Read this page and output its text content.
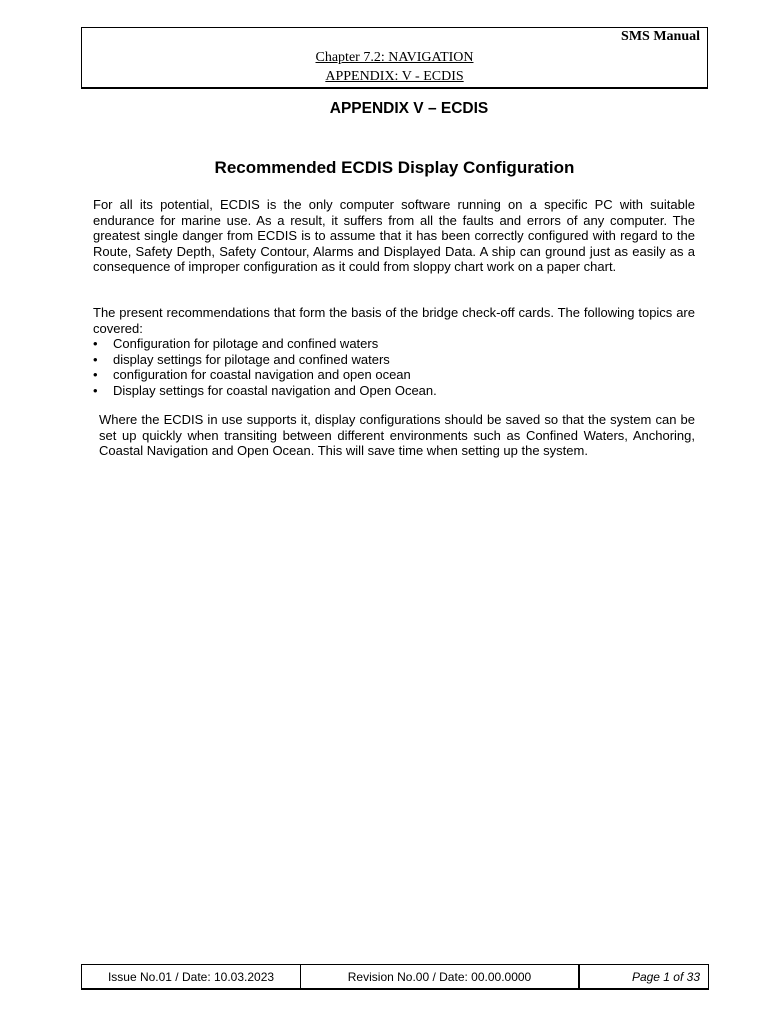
SMS Manual
Chapter 7.2: NAVIGATION
APPENDIX: V - ECDIS
APPENDIX V – ECDIS
Recommended ECDIS Display Configuration
For all its potential, ECDIS is the only computer software running on a specific PC with suitable endurance for marine use. As a result, it suffers from all the faults and errors of any computer. The greatest single danger from ECDIS is to assume that it has been correctly configured with regard to the Route, Safety Depth, Safety Contour, Alarms and Displayed Data. A ship can ground just as easily as a consequence of improper configuration as it could from sloppy chart work on a paper chart.
The present recommendations that form the basis of the bridge check-off cards. The following topics are covered:
• Configuration for pilotage and confined waters
• display settings for pilotage and confined waters
• configuration for coastal navigation and open ocean
• Display settings for coastal navigation and Open Ocean.
Where the ECDIS in use supports it, display configurations should be saved so that the system can be set up quickly when transiting between different environments such as Confined Waters, Anchoring, Coastal Navigation and Open Ocean. This will save time when setting up the system.
Issue No.01 / Date: 10.03.2023	Revision No.00 / Date: 00.00.0000	Page 1 of 33
